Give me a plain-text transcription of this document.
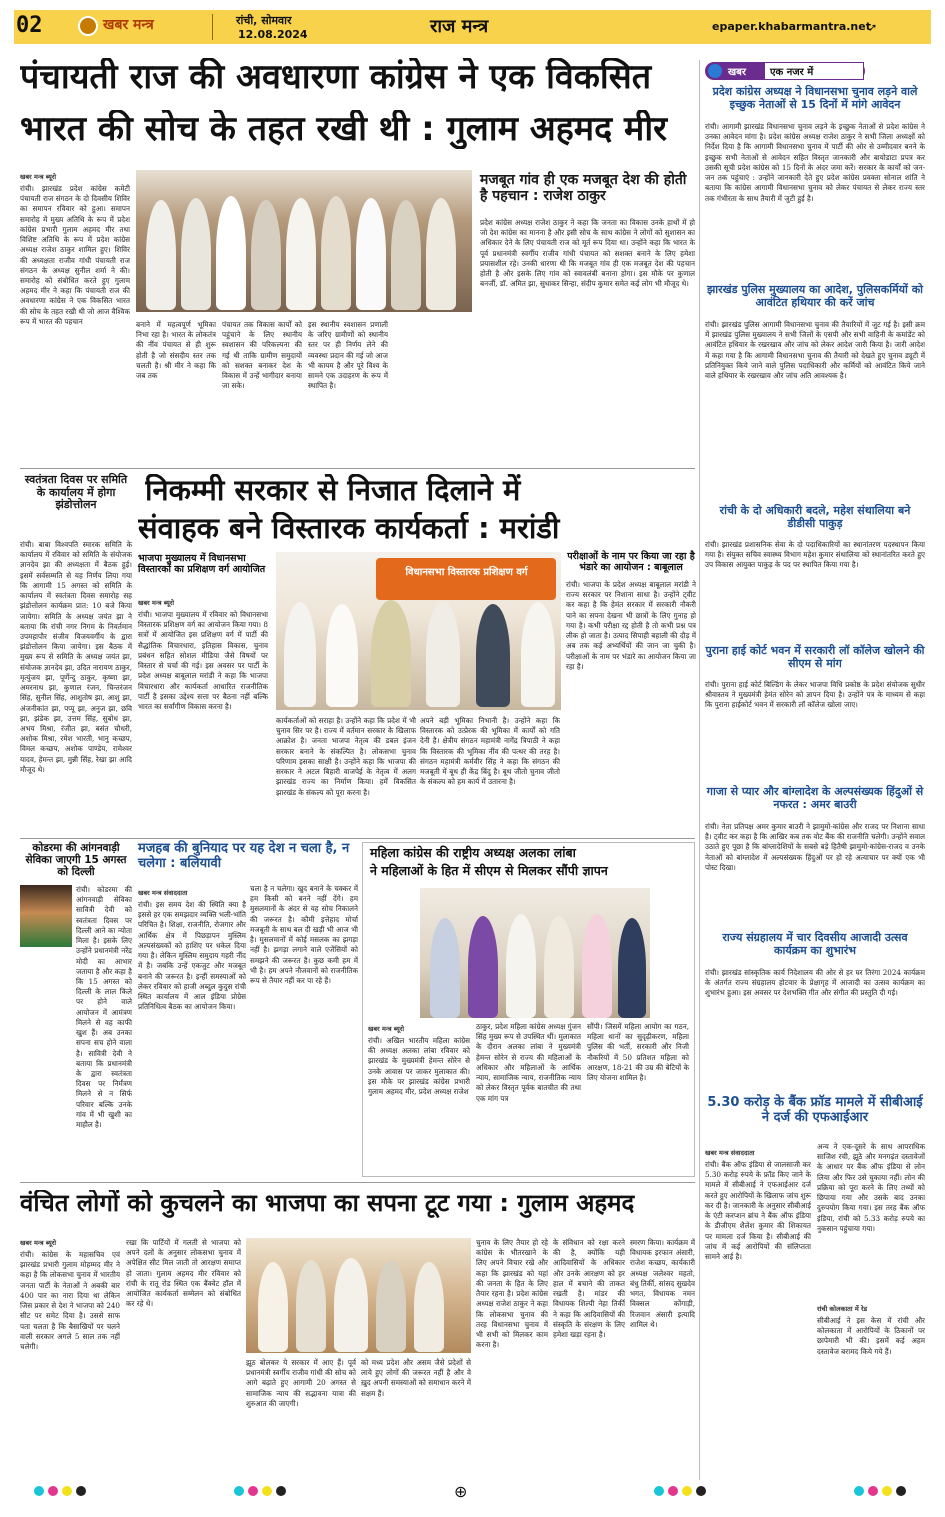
02	खबर मन्त्र	रांची, सोमवार
12.08.2024	राज मन्त्र	epaper.khabarmantra.net
➚
पंचायती राज की अवधारणा कांग्रेस ने एक विकसित
भारत की सोच के तहत रखी थी : गुलाम अहमद मीर
खबर मन्त्र ब्यूरो
रांची। झारखंड प्रदेश कांग्रेस कमेटी पंचायती राज संगठन के दो दिवसीय शिविर का समापन रविवार को हुआ। समापन समारोह में मुख्य अतिथि के रूप में प्रदेश कांग्रेस प्रभारी गुलाम अहमद मीर तथा विशिष्ट अतिथि के रूप में प्रदेश कांग्रेस अध्यक्ष राजेश ठाकुर शामिल हुए। शिविर की अध्यक्षता राजीव गांधी पंचायती राज संगठन के अध्यक्ष सुनील शर्मा ने की। समारोह को संबोधित करते हुए गुलाम अहमद मीर ने कहा कि पंचायती राज की अवधारणा कांग्रेस ने एक विकसित भारत की सोच के तहत रखी थी जो आज वैश्विक रूप में भारत की पहचान	बनाने में महत्वपूर्ण भूमिका निभा रहा है। भारत के लोकतंत्र की नींव पंचायत से ही शुरू होती है जो संसदीय स्तर तक चलती है। श्री मीर ने कहा कि जब तक
पंचायत तक विकास कार्यों को पहुंचाने के लिए स्थानीय स्वशासन की परिकल्पना की गई थी ताकि ग्रामीण समुदायों को सशक्त बनाकर देश के विकास में उन्हें भागीदार बनाया जा सके।
इस स्थानीय स्वशासन प्रणाली के जरिए ग्रामीणों को स्थानीय स्तर पर ही निर्णय लेने की व्यवस्था प्रदान की गई जो आज भी कायम है और पूरे विश्व के सामने एक उदाहरण के रूप में स्थापित है।
मजबूत गांव ही एक मजबूत देश की होती है पहचान : राजेश ठाकुर
प्रदेश कांग्रेस अध्यक्ष राजेश ठाकुर ने कहा कि जनता का विकास उनके हाथों में हो जो देश कांग्रेस का मानना है और इसी सोच के साथ कांग्रेस ने लोगों को सुशासन का अधिकार देने के लिए पंचायती राज को मूर्त रूप दिया था। उन्होंने कहा कि भारत के पूर्व प्रधानमंत्री स्वर्गीय राजीव गांधी पंचायत को सशक्त बनाने के लिए हमेशा प्रयासशील रहे। उनकी धारणा थी कि मजबूत गांव ही एक मजबूत देश की पहचान होती है और इसके लिए गांव को स्वावलंबी बनाना होगा। इस मौके पर कुणाल बनर्जी, डॉ. अमित झा, सुधाकर सिन्हा, संदीप कुमार समेत कई लोग भी मौजूद थे।
खबर एक नजर में
प्रदेश कांग्रेस अध्यक्ष ने विधानसभा चुनाव लड़ने वाले इच्छुक नेताओं से 15 दिनों में मांगे आवेदन
रांची। आगामी झारखंड विधानसभा चुनाव लड़ने के इच्छुक नेताओं से प्रदेश कांग्रेस ने उनका आवेदन मांगा है। प्रदेश कांग्रेस अध्यक्ष राजेश ठाकुर ने सभी जिला अध्यक्षों को निर्देश दिया है कि आगामी विधानसभा चुनाव में पार्टी की ओर से उम्मीदवार बनने के इच्छुक सभी नेताओं से आवेदन सहित विस्तृत जानकारी और बायोडाटा प्रपत्र कर उसकी सूची प्रदेश कांग्रेस को 15 दिनों के अंदर जमा करें। सरकार के कार्यों को जन-जन तक पहुंचाएं : उन्होंने जानकारी देते हुए प्रदेश कांग्रेस प्रवक्ता सोनाल शांति ने बताया कि कांग्रेस आगामी विधानसभा चुनाव को लेकर पंचायत से लेकर राज्य स्तर तक गंभीरता के साथ तैयारी में जुटी हुई है।
झारखंड पुलिस मुख्यालय का आदेश, पुलिसकर्मियों को आवंटित हथियार की करें जांच
रांची। झारखंड पुलिस आगामी विधानसभा चुनाव की तैयारियों में जुट गई है। इसी क्रम में झारखंड पुलिस मुख्यालय ने सभी जिलों के एसपी और सभी वाहिनी के कमांडेंट को आवंटित हथियार के रखरखाव और जांच को लेकर आदेश जारी किया है। जारी आदेश में कहा गया है कि आगामी विधानसभा चुनाव की तैयारी को देखते हुए चुनाव ड्यूटी में प्रतिनियुक्त किये जाने वाले पुलिस पदाधिकारी और कर्मियों को आवंटित किये जाने वाले हथियार के रखरखाव और जांच अति आवश्यक है।
रांची के दो अधिकारी बदले, महेश संथालिया बने डीडीसी पाकुड़
रांची। झारखंड प्रशासनिक सेवा के दो पदाधिकारियों का स्थानांतरण पदस्थापन किया गया है। संयुक्त सचिव स्वास्थ्य विभाग महेश कुमार संथालिया को स्थानांतरित करते हुए उप विकास आयुक्त पाकुड़ के पद पर स्थापित किया गया है।
पुराना हाई कोर्ट भवन में सरकारी लॉ कॉलेज खोलने की सीएम से मांग
रांची। पुराना हाई कोर्ट बिल्डिंग के लेकर भाजपा विधि प्रकोष्ठ के प्रदेश संयोजक सुधीर श्रीवास्तव ने मुख्यमंत्री हेमंत सोरेन को ज्ञापन दिया है। उन्होंने पत्र के माध्यम से कहा कि पुराना हाईकोर्ट भवन में सरकारी लॉ कॉलेज खोला जाए।
गाजा से प्यार और बांग्लादेश के अल्पसंख्यक हिंदुओं से नफरत : अमर बाउरी
रांची। नेता प्रतिपक्ष अमर कुमार बाउरी ने झामुमो-कांग्रेस और राजद पर निशाना साधा है। ट्वीट कर कहा है कि आखिर कब तक वोट बैंक की राजनीति चलेगी। उन्होंने सवाल उठाते हुए पूछा है कि बांग्लादेशियों के सबसे बड़े हितैषी झामुमो-कांग्रेस-राजद व उनके नेताओं को बांग्लादेश में अल्पसंख्यक हिंदुओं पर हो रहे अत्याचार पर क्यों एक भी पोस्ट दिखा।
राज्य संग्रहालय में चार दिवसीय आजादी उत्सव कार्यक्रम का शुभारंभ
रांची। झारखंड सांस्कृतिक कार्य निदेशालय की ओर से हर घर तिरंगा 2024 कार्यक्रम के अंतर्गत राज्य संग्रहालय होटवार के प्रेक्षागृह में आजादी का उत्सव कार्यक्रम का शुभारंभ हुआ। इस अवसर पर देशभक्ति गीत और संगीत की प्रस्तुति दी गई।
स्वतंत्रता दिवस पर समिति के कार्यालय में होगा झंडोत्तोलन
रांची। बाबा विश्वपति स्मारक समिति के कार्यालय में रविवार को समिति के संयोजक ज्ञानदेव झा की अध्यक्षता में बैठक हुई। इसमें सर्वसम्मति से यह निर्णय लिया गया कि आगामी 15 अगस्त को समिति के कार्यालय में स्वतंत्रता दिवस समारोह सह झंडोत्तोलन कार्यक्रम प्रात: 10 बजे किया जायेगा। समिति के अध्यक्ष जयंत झा ने बताया कि रांची नगर निगम के निवर्तमान उपमहापौर संजीव विजयवर्गीय के द्वारा झंडोत्तोलन किया जायेगा। इस बैठक में मुख्य रूप से समिति के अध्यक्ष जयंत झा, संयोजक ज्ञानदेव झा, उदित नारायण ठाकुर, मृत्युंजय झा, पूर्णेन्दु ठाकुर, कृष्णा झा, अमरनाथ झा, कुणाल रंजन, चिन्तरंजन सिंह, सुनील सिंह, आशुतोष झा, आशु झा, अंजनीकांत झा, पप्पू झा, अनुज झा, छवि झा, झंडेक झा, उत्तम सिंह, सुबोध झा, अभय मिश्रा, रंजीत झा, बसंत चौधरी, अशोक मिश्रा, रमेश भारती, भानु कच्छप, विमल कच्छप, अशोक पाण्डेय, रामेश्वर यादव, हेमन्त झा, मुन्नी सिंह, रेखा झा आदि मौजूद थे।
निकम्मी सरकार से निजात दिलाने में
संवाहक बने विस्तारक कार्यकर्ता : मरांडी
भाजपा मुख्यालय में विधानसभा विस्तारकों का प्रशिक्षण वर्ग आयोजित
खबर मन्त्र ब्यूरो
रांची। भाजपा मुख्यालय में रविवार को विधानसभा विस्तारक प्रशिक्षण वर्ग का आयोजन किया गया। 8 सत्रों में आयोजित इस प्रशिक्षण वर्ग में पार्टी की सैद्धांतिक विचारधारा, इतिहास विकास, चुनाव प्रबंधन सहित सोशल मीडिया जैसे विषयों पर विस्तार से चर्चा की गई। इस अवसर पर पार्टी के प्रदेश अध्यक्ष बाबूलाल मरांडी ने कहा कि भाजपा विचारधारा और कार्यकर्ता आधारित राजनीतिक पार्टी है इसका उद्देश्य सत्ता पर बैठना नहीं बल्कि भारत का सर्वांगीण विकास करना है।
विधानसभा विस्तारक प्रशिक्षण वर्ग
कार्यकर्ताओं को सराहा है। उन्होंने कहा कि प्रदेश में भी चुनाव सिर पर है। राज्य में वर्तमान सरकार के खिलाफ आक्रोश है। जनता भाजपा नेतृत्व की डबल इंजन सरकार बनाने के संकल्पित है। लोकसभा चुनाव परिणाम इसका साक्षी है। उन्होंने कहा कि भाजपा की सरकार ने अटल बिहारी वाजपेई के नेतृत्व में अलग झारखंड राज्य का निर्माण किया। हमें विकसित झारखंड के संकल्प को पूरा करना है।
अपने बड़ी भूमिका निभानी है। उन्होंने कहा कि विस्तारक को उत्प्रेरक की भूमिका में कार्यों को गति देनी है। क्षेत्रीय संगठन महामंत्री नागेंद्र त्रिपाठी ने कहा कि विस्तारक की भूमिका नींव की पत्थर की तरह है। संगठन महामंत्री कर्मवीर सिंह ने कहा कि संगठन की मजबूती में बूथ ही केंद्र बिंदु है। बूथ जीतो चुनाव जीतो के संकल्प को हम कार्य में उतारना है।
परीक्षाओं के नाम पर किया जा रहा है भंडारे का आयोजन : बाबूलाल
रांची। भाजपा के प्रदेश अध्यक्ष बाबूलाल मरांडी ने राज्य सरकार पर निशाना साधा है। उन्होंने ट्वीट कर कहा है कि हेमंत सरकार में सरकारी नौकरी पाने का सपना देखना भी छात्रों के लिए गुनाह हो गया है। कभी परीक्षा रद्द होती है तो कभी प्रश्न पत्र लीक हो जाता है। उत्पाद सिपाही बहाली की दौड़ में अब तक कई अभ्यर्थियों की जान जा चुकी है। परीक्षाओं के नाम पर भंडारे का आयोजन किया जा रहा है।
कोडरमा की आंगनवाड़ी सेविका जाएगी 15 अगस्त को दिल्ली
रांची। कोडरमा की आंगनवाड़ी सेविका सावित्री देवी को स्वतंत्रता दिवस पर दिल्ली आने का न्योता मिला है। इसके लिए उन्होंने प्रधानमंत्री नरेंद्र मोदी का आभार जताया है और कहा है कि 15 अगस्त को दिल्ली के लाल किले पर होने वाले आयोजन में आमंत्रण मिलने से वह काफी खुश हैं। अब उनका सपना सच होने वाला है। सावित्री देवी ने बताया कि प्रधानमंत्री के द्वारा स्वतंत्रता दिवस पर निर्मंत्रण मिलने से न सिर्फ परिवार बल्कि उनके गांव में भी खुशी का माहौल है।
मजहब की बुनियाद पर यह देश न चला है, न चलेगा : बलियावी
खबर मन्त्र संवाददाता
रांची। इस समय देश की स्थिति क्या है इससे हर एक समझदार व्यक्ति भली-भांति परिचित है। शिक्षा, राजनीति, रोजगार और आर्थिक क्षेत्र में पिछड़ापन मुस्लिम अल्पसंख्यकों को हाशिए पर धकेल दिया गया है। लेकिन मुस्लिम समुदाय गहरी नींद में है। जबकि उन्हें एकजुट और मजबूत बनाने की जरूरत है। इन्हीं समस्याओं को लेकर रविवार को हाजी अब्दुल कुदुस रांची स्थित कार्यालय में आल इंडिया प्रोग्रेस प्रतिनिधित्व बैठक का आयोजन किया।
चला है न चलेगा। खुद बनाने के चक्कर में हम किसी को बनने नहीं देंगे। हम मुसलमानों के अंदर से यह सोच निकालने की जरूरत है। कौमी इत्तेहाद मोर्चा मजबूती के साथ बल दी खड़ी भी आज भी है। मुसलमानों में कोई मसलक का झगड़ा नहीं है। झगड़ा लगाने वाले एजेंसियों को समझने की जरूरत है। कुछ कमी हम में भी है। हम अपने नौजवानों को राजनीतिक रूप से तैयार नहीं कर पा रहे हैं।
महिला कांग्रेस की राष्ट्रीय अध्यक्ष अलका लांबा
ने महिलाओं के हित में सीएम से मिलकर सौंपी ज्ञापन
खबर मन्त्र ब्यूरो
रांची। अखिल भारतीय महिला कांग्रेस की अध्यक्ष अलका लांबा रविवार को झारखंड के मुख्यमंत्री हेमन्त सोरेन से उनके आवास पर जाकर मुलाकात की। इस मौके पर झारखंड कांग्रेस प्रभारी गुलाम अहमद मीर, प्रदेश अध्यक्ष राजेश
ठाकुर, प्रदेश महिला कांग्रेस अध्यक्ष गुंजन सिंह मुख्य रूप से उपस्थित थीं। मुलाकात के दौरान अलका लांबा ने मुख्यमंत्री हेमन्त सोरेन से राज्य की महिलाओं के अधिकार और महिलाओं के आर्थिक न्याय, सामाजिक न्याय, राजनीतिक न्याय को लेकर विस्तृत पूर्वक बातचीत की तथा एक मांग पत्र
सौंपी। जिसमें महिला आयोग का गठन, महिला थानों का सुदृढ़ीकरण, महिला पुलिस की भर्ती, सरकारी और निजी नौकरियों में 50 प्रतिशत महिला को आरक्षण, 18-21 की उम्र की बेटियों के लिए योजना शामिल है।
5.30 करोड़ के बैंक फ्रॉड मामले में सीबीआई ने दर्ज की एफआईआर
खबर मन्त्र संवाददाता
रांची। बैंक ऑफ इंडिया से जालसाजी कर 5.30 करोड़ रुपये के फ्रॉड किए जाने के मामले में सीबीआई ने एफआईआर दर्ज करते हुए आरोपियों के खिलाफ जांच शुरू कर दी है। जानकारी के अनुसार सीबीआई के एंटी करप्शन ब्रांच ने बैंक ऑफ इंडिया के डीजीएम शैलेश कुमार की शिकायत पर मामला दर्ज किया है। सीबीआई की जांच में कई आरोपियों की संलिप्तता सामने आई है।
अन्य ने एक-दूसरे के साथ आपराधिक साजिश रची, झूठे और मनगढ़ंत दस्तावेजों के आधार पर बैंक ऑफ इंडिया से लोन लिया और फिर उसे चुकाया नहीं। लोन की प्रक्रिया को पूरा करने के लिए तथ्यों को छिपाया गया और उसके बाद उनका दुरुपयोग किया गया। इस तरह बैंक ऑफ इंडिया, रांची को 5.33 करोड़ रुपये का नुकसान पहुंचाया गया।
रांची कोलकाता में रेड
सीबीआई ने इस केस में रांची और कोलकाता में आरोपियों के ठिकानों पर छापेमारी भी की। इसमें कई अहम दस्तावेज बरामद किये गये हैं।
वंचित लोगों को कुचलने का भाजपा का सपना टूट गया : गुलाम अहमद
खबर मन्त्र ब्यूरो
रांची। कांग्रेस के महासचिव एवं झारखंड प्रभारी गुलाम मोहम्मद मीर ने कहा है कि लोकसभा चुनाव में भारतीय जनता पार्टी के नेताओं ने अबकी बार 400 पार का नारा दिया था लेकिन जिस प्रकार से देश ने भाजपा को 240 सीट पर समेट दिया है। उससे साफ पता चलता है कि बैसाखियों पर चलने वाली सरकार अगले 5 साल तक नहीं चलेगी।
रखा कि पार्टियों में गलती से भाजपा को अपने दलों के अनुसार लोकसभा चुनाव में अपेक्षित सीट मिल जाती तो आरक्षण समाप्त हो जाता। गुलाम अहमद मीर रविवार को रांची के रातू रोड स्थित एक बैंक्वेट हॉल में आयोजित कार्यकर्ता सम्मेलन को संबोधित कर रहे थे।
झूठ बोलकर ये सरकार में आए हैं। पूर्व प्रधानमंत्री स्वर्गीय राजीव गांधी की सोच को आगे बढ़ाते हुए आगामी 20 अगस्त से सामाजिक न्याय की सद्भावना यात्रा की शुरुआत की जाएगी।
को मध्य प्रदेश और असम जैसे प्रदेशों से लाये हुए लोगों की जरूरत नहीं है और वे ख़ुद अपनी समस्याओं को समाधान करने में सक्षम हैं।
चुनाव के लिए तैयार हो रहे कांग्रेस के भीतरखाने के लिए अपने विचार रखे और कहा कि झारखंड को यहां की जनता के हित के लिए तैयार रहना है। प्रदेश कांग्रेस अध्यक्ष राजेश ठाकुर ने कहा कि लोकसभा चुनाव की तरह विधानसभा चुनाव में भी सभी को मिलकर काम करना है।
के संविधान को रक्षा करने की है, क्योंकि यही आदिवासियों के अधिकार और उनके आरक्षण को हर हाल में बचाने की ताकत रखती है। मांडर की विधायक शिल्पी नेहा तिर्की ने कहा कि आदिवासियों की संस्कृति के संरक्षण के लिए हमेशा खड़ा रहना है।
स्मरण किया। कार्यक्रम में विधायक इरफान अंसारी, राजेश कच्छप, कार्यकारी अध्यक्ष जलेश्वर महतो, बंधु तिर्की, सांसद सुखदेव भगत, विधायक नमन विक्सल कोंगाड़ी, रिजवान अंसारी इत्यादि शामिल थे।
⊕
